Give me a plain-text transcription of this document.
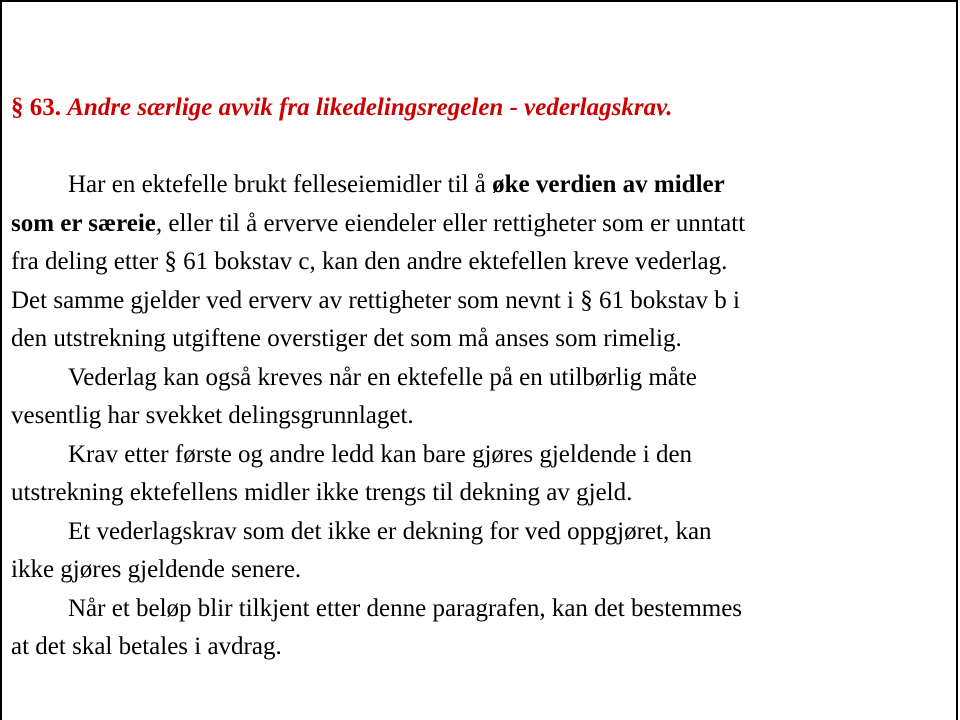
§ 63. Andre særlige avvik fra likedelingsregelen - vederlagskrav.

Har en ektefelle brukt felleseiemidler til å øke verdien av midler
som er særeie, eller til å erverve eiendeler eller rettigheter som er unntatt
fra deling etter § 61 bokstav c, kan den andre ektefellen kreve vederlag.
Det samme gjelder ved erverv av rettigheter som nevnt i § 61 bokstav b i
den utstrekning utgiftene overstiger det som må anses som rimelig.
Vederlag kan også kreves når en ektefelle på en utilbørlig måte
vesentlig har svekket delingsgrunnlaget.
Krav etter første og andre ledd kan bare gjøres gjeldende i den
utstrekning ektefellens midler ikke trengs til dekning av gjeld.
Et vederlagskrav som det ikke er dekning for ved oppgjøret, kan
ikke gjøres gjeldende senere.
Når et beløp blir tilkjent etter denne paragrafen, kan det bestemmes
at det skal betales i avdrag.
